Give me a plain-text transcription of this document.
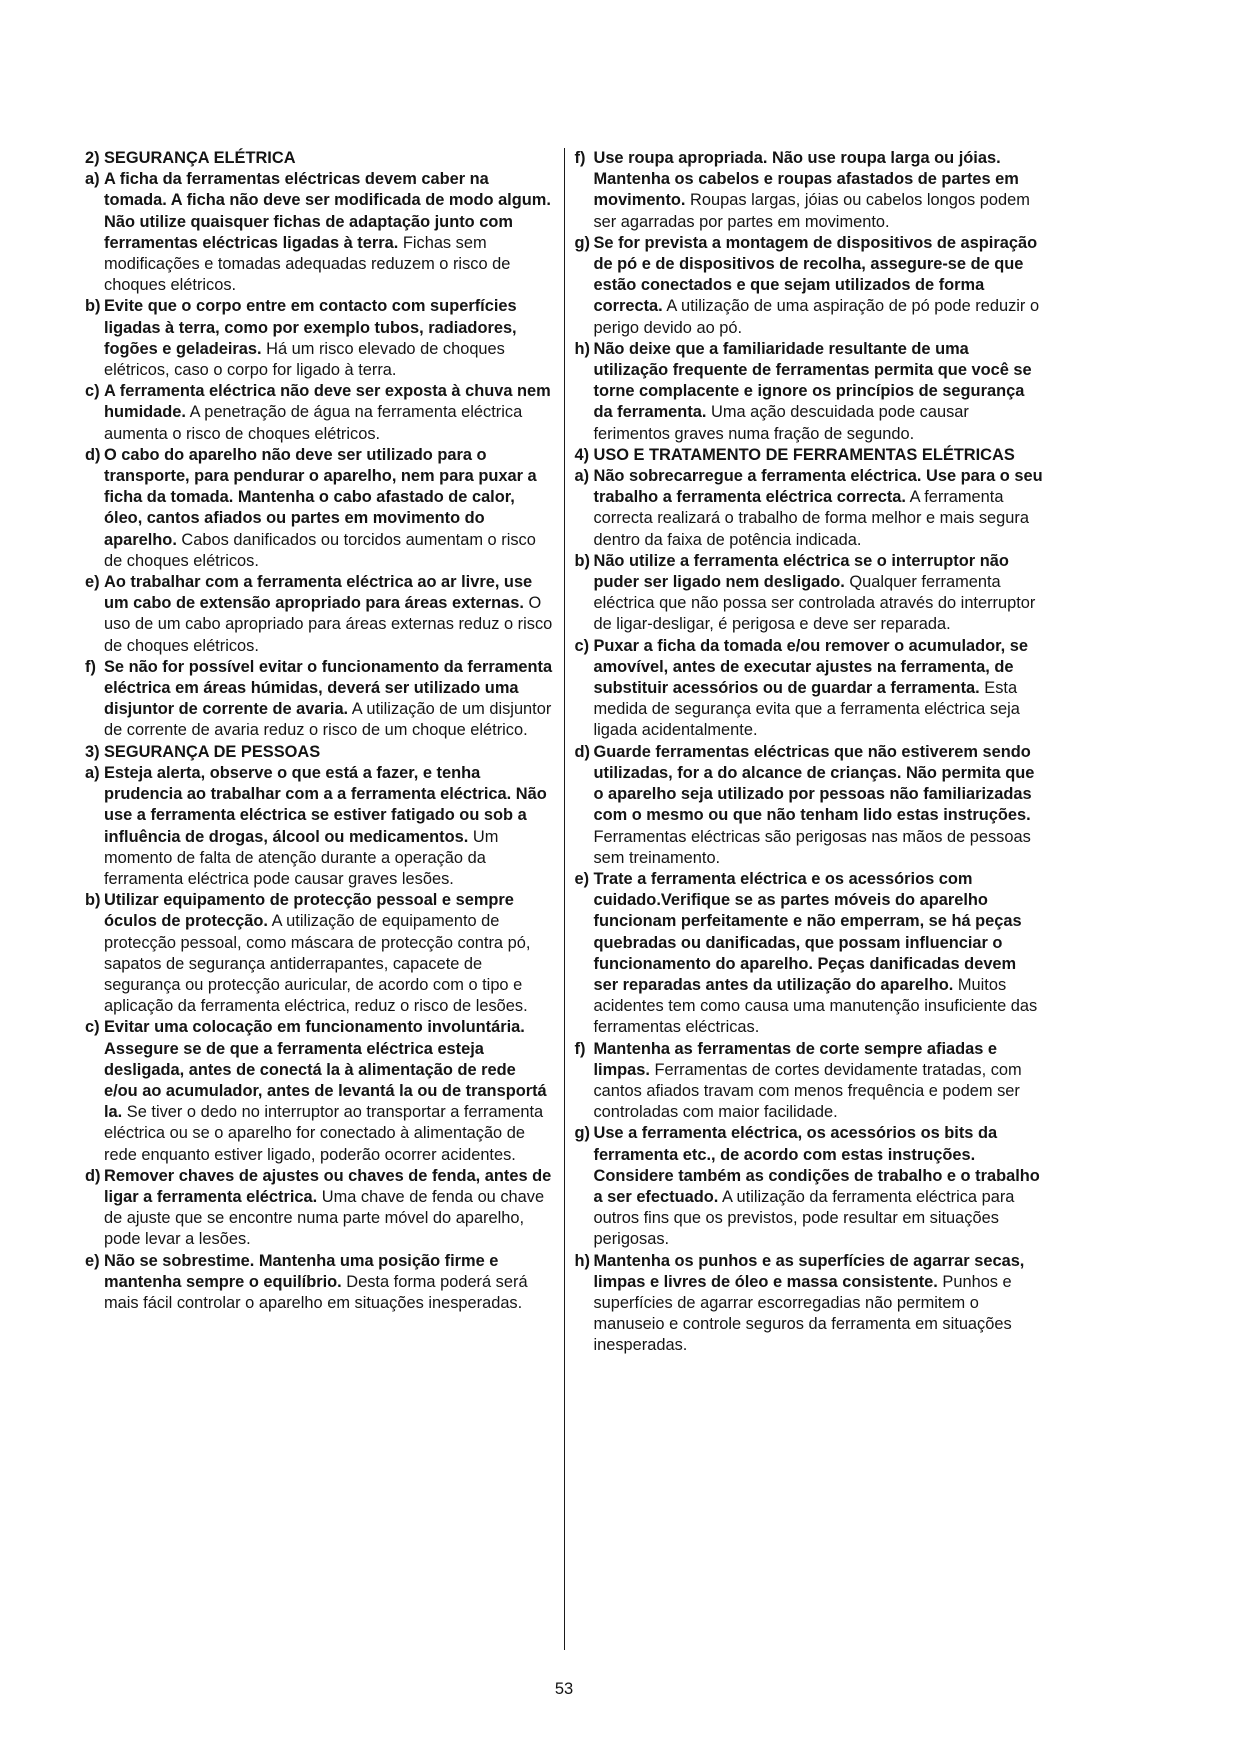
2) SEGURANÇA ELÉTRICA
a) A ficha da ferramentas eléctricas devem caber na tomada. A ficha não deve ser modificada de modo algum. Não utilize quaisquer fichas de adaptação junto com ferramentas eléctricas ligadas à terra. Fichas sem modificações e tomadas adequadas reduzem o risco de choques elétricos.
b) Evite que o corpo entre em contacto com superfícies ligadas à terra, como por exemplo tubos, radiadores, fogões e geladeiras. Há um risco elevado de choques elétricos, caso o corpo for ligado à terra.
c) A ferramenta eléctrica não deve ser exposta à chuva nem humidade. A penetração de água na ferramenta eléctrica aumenta o risco de choques elétricos.
d) O cabo do aparelho não deve ser utilizado para o transporte, para pendurar o aparelho, nem para puxar a ficha da tomada. Mantenha o cabo afastado de calor, óleo, cantos afiados ou partes em movimento do aparelho. Cabos danificados ou torcidos aumentam o risco de choques elétricos.
e) Ao trabalhar com a ferramenta eléctrica ao ar livre, use um cabo de extensão apropriado para áreas externas. O uso de um cabo apropriado para áreas externas reduz o risco de choques elétricos.
f) Se não for possível evitar o funcionamento da ferramenta eléctrica em áreas húmidas, deverá ser utilizado uma disjuntor de corrente de avaria. A utilização de um disjuntor de corrente de avaria reduz o risco de um choque elétrico.
3) SEGURANÇA DE PESSOAS
a) Esteja alerta, observe o que está a fazer, e tenha prudencia ao trabalhar com a a ferramenta eléctrica. Não use a ferramenta eléctrica se estiver fatigado ou sob a influência de drogas, álcool ou medicamentos. Um momento de falta de atenção durante a operação da ferramenta eléctrica pode causar graves lesões.
b) Utilizar equipamento de protecção pessoal e sempre óculos de protecção. A utilização de equipamento de protecção pessoal, como máscara de protecção contra pó, sapatos de segurança antiderrapantes, capacete de segurança ou protecção auricular, de acordo com o tipo e aplicação da ferramenta eléctrica, reduz o risco de lesões.
c) Evitar uma colocação em funcionamento involuntária. Assegure se de que a ferramenta eléctrica esteja desligada, antes de conectá la à alimentação de rede e/ou ao acumulador, antes de levantá la ou de transportá la. Se tiver o dedo no interruptor ao transportar a ferramenta eléctrica ou se o aparelho for conectado à alimentação de rede enquanto estiver ligado, poderão ocorrer acidentes.
d) Remover chaves de ajustes ou chaves de fenda, antes de ligar a ferramenta eléctrica. Uma chave de fenda ou chave de ajuste que se encontre numa parte móvel do aparelho, pode levar a lesões.
e) Não se sobrestime. Mantenha uma posição firme e mantenha sempre o equilíbrio. Desta forma poderá será mais fácil controlar o aparelho em situações inesperadas.
f) Use roupa apropriada. Não use roupa larga ou jóias. Mantenha os cabelos e roupas afastados de partes em movimento. Roupas largas, jóias ou cabelos longos podem ser agarradas por partes em movimento.
g) Se for prevista a montagem de dispositivos de aspiração de pó e de dispositivos de recolha, assegure-se de que estão conectados e que sejam utilizados de forma correcta. A utilização de uma aspiração de pó pode reduzir o perigo devido ao pó.
h) Não deixe que a familiaridade resultante de uma utilização frequente de ferramentas permita que você se torne complacente e ignore os princípios de segurança da ferramenta. Uma ação descuidada pode causar ferimentos graves numa fração de segundo.
4) USO E TRATAMENTO DE FERRAMENTAS ELÉTRICAS
a) Não sobrecarregue a ferramenta eléctrica. Use para o seu trabalho a ferramenta eléctrica correcta. A ferramenta correcta realizará o trabalho de forma melhor e mais segura dentro da faixa de potência indicada.
b) Não utilize a ferramenta eléctrica se o interruptor não puder ser ligado nem desligado. Qualquer ferramenta eléctrica que não possa ser controlada através do interruptor de ligar-desligar, é perigosa e deve ser reparada.
c) Puxar a ficha da tomada e/ou remover o acumulador, se amovível, antes de executar ajustes na ferramenta, de substituir acessórios ou de guardar a ferramenta. Esta medida de segurança evita que a ferramenta eléctrica seja ligada acidentalmente.
d) Guarde ferramentas eléctricas que não estiverem sendo utilizadas, for a do alcance de crianças. Não permita que o aparelho seja utilizado por pessoas não familiarizadas com o mesmo ou que não tenham lido estas instruções. Ferramentas eléctricas são perigosas nas mãos de pessoas sem treinamento.
e) Trate a ferramenta eléctrica e os acessórios com cuidado.Verifique se as partes móveis do aparelho funcionam perfeitamente e não emperram, se há peças quebradas ou danificadas, que possam influenciar o funcionamento do aparelho. Peças danificadas devem ser reparadas antes da utilização do aparelho. Muitos acidentes tem como causa uma manutenção insuficiente das ferramentas eléctricas.
f) Mantenha as ferramentas de corte sempre afiadas e limpas. Ferramentas de cortes devidamente tratadas, com cantos afiados travam com menos frequência e podem ser controladas com maior facilidade.
g) Use a ferramenta eléctrica, os acessórios os bits da ferramenta etc., de acordo com estas instruções. Considere também as condições de trabalho e o trabalho a ser efectuado. A utilização da ferramenta eléctrica para outros fins que os previstos, pode resultar em situações perigosas.
h) Mantenha os punhos e as superfícies de agarrar secas, limpas e livres de óleo e massa consistente. Punhos e superfícies de agarrar escorregadias não permitem o manuseio e controle seguros da ferramenta em situações inesperadas.
53
